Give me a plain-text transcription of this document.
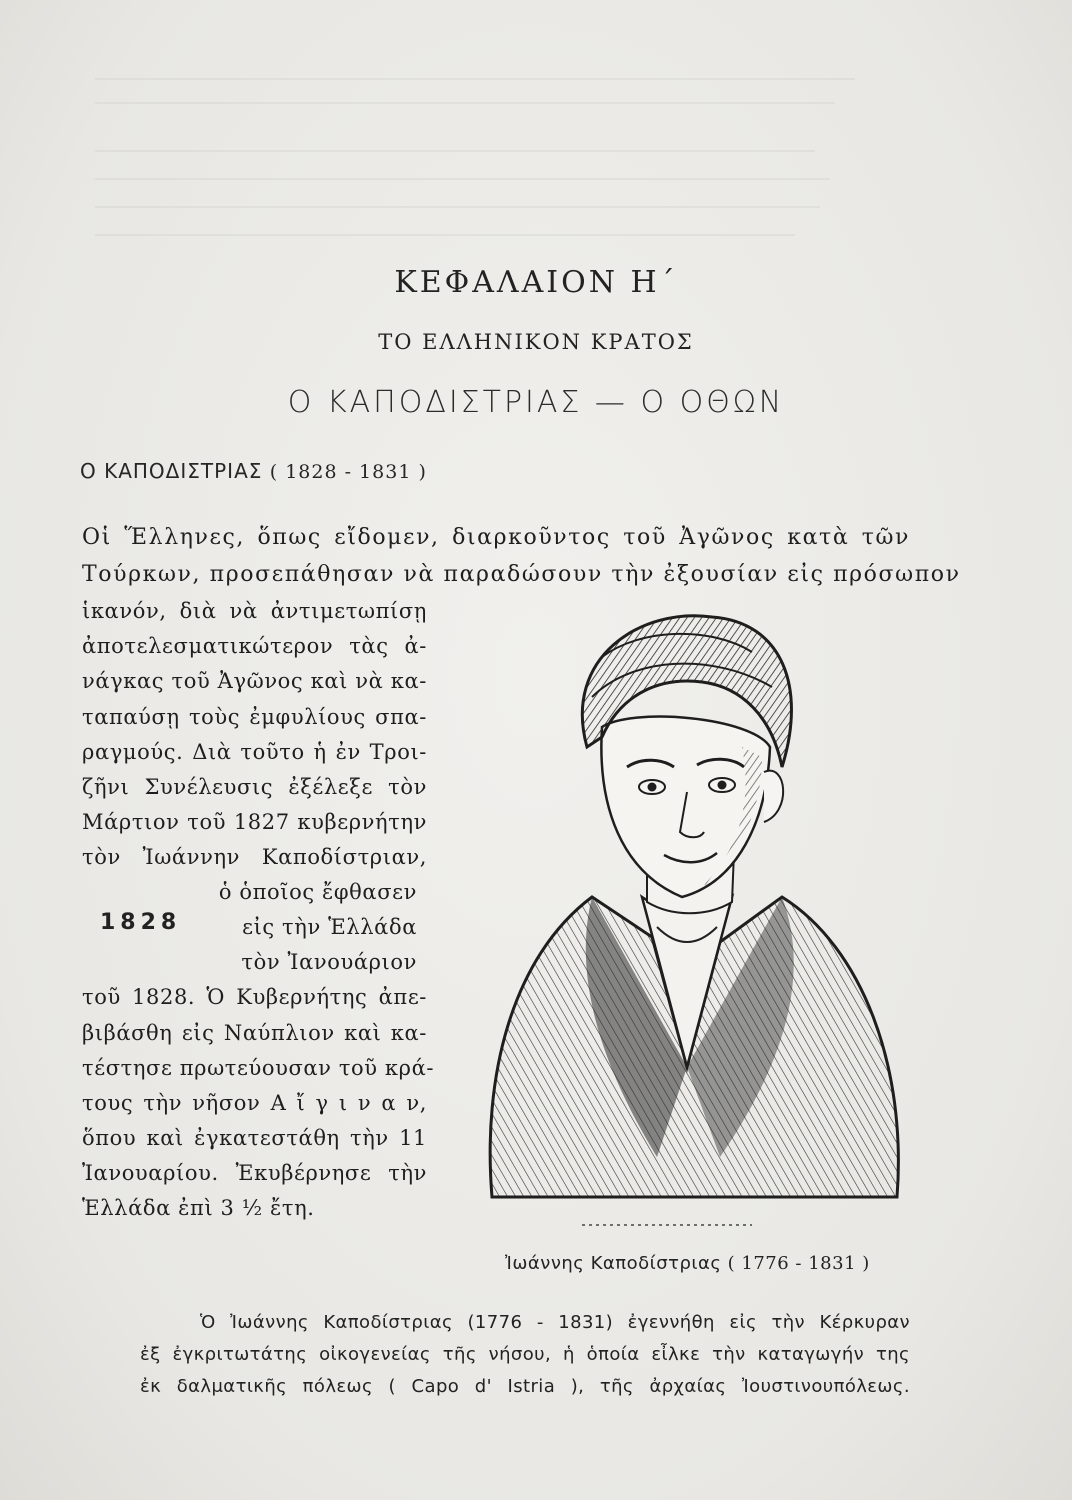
ΚΕΦΑΛΑΙΟΝ Η΄
ΤΟ ΕΛΛΗΝΙΚΟΝ ΚΡΑΤΟΣ
Ο ΚΑΠΟΔΙΣΤΡΙΑΣ — Ο ΟΘΩΝ
Ο ΚΑΠΟΔΙΣΤΡΙΑΣ ( 1828 - 1831 )
Οἱ Ἕλληνες, ὅπως εἴδομεν, διαρκοῦντος τοῦ Ἀγῶνος κατὰ τῶν
Τούρκων, προσεπάθησαν νὰ παραδώσουν τὴν ἐξουσίαν εἰς πρόσωπον
ἱκανόν, διὰ νὰ ἀντιμετωπίσῃ
ἀποτελεσματικώτερον τὰς ἀ-
νάγκας τοῦ Ἀγῶνος καὶ νὰ κα-
ταπαύσῃ τοὺς ἐμφυλίους σπα-
ραγμούς. Διὰ τοῦτο ἡ ἐν Τροι-
ζῆνι Συνέλευσις ἐξέλεξε τὸν
Μάρτιον τοῦ 1827 κυβερνήτην
τὸν Ἰωάννην Καποδίστριαν,
ὁ ὁποῖος ἔφθασεν
εἰς τὴν Ἑλλάδα
τὸν Ἰανουάριον
τοῦ 1828. Ὁ Κυβερνήτης ἀπε-
βιβάσθη εἰς Ναύπλιον καὶ κα-
τέστησε πρωτεύουσαν τοῦ κρά-
τους τὴν νῆσον Α ἴ γ ι ν α ν,
ὅπου καὶ ἐγκατεστάθη τὴν 11
Ἰανουαρίου. Ἐκυβέρνησε τὴν
Ἑλλάδα ἐπὶ 3 ½ ἔτη.
1828
Ἰωάννης Καποδίστριας ( 1776 - 1831 )
Ὁ Ἰωάννης Καποδίστριας (1776 - 1831) ἐγεννήθη εἰς τὴν Κέρκυραν
ἐξ ἐγκριτωτάτης οἰκογενείας τῆς νήσου, ἡ ὁποία εἶλκε τὴν καταγωγήν της
ἐκ δαλματικῆς πόλεως ( Capo d' Istria ), τῆς ἀρχαίας Ἰουστινουπόλεως.
